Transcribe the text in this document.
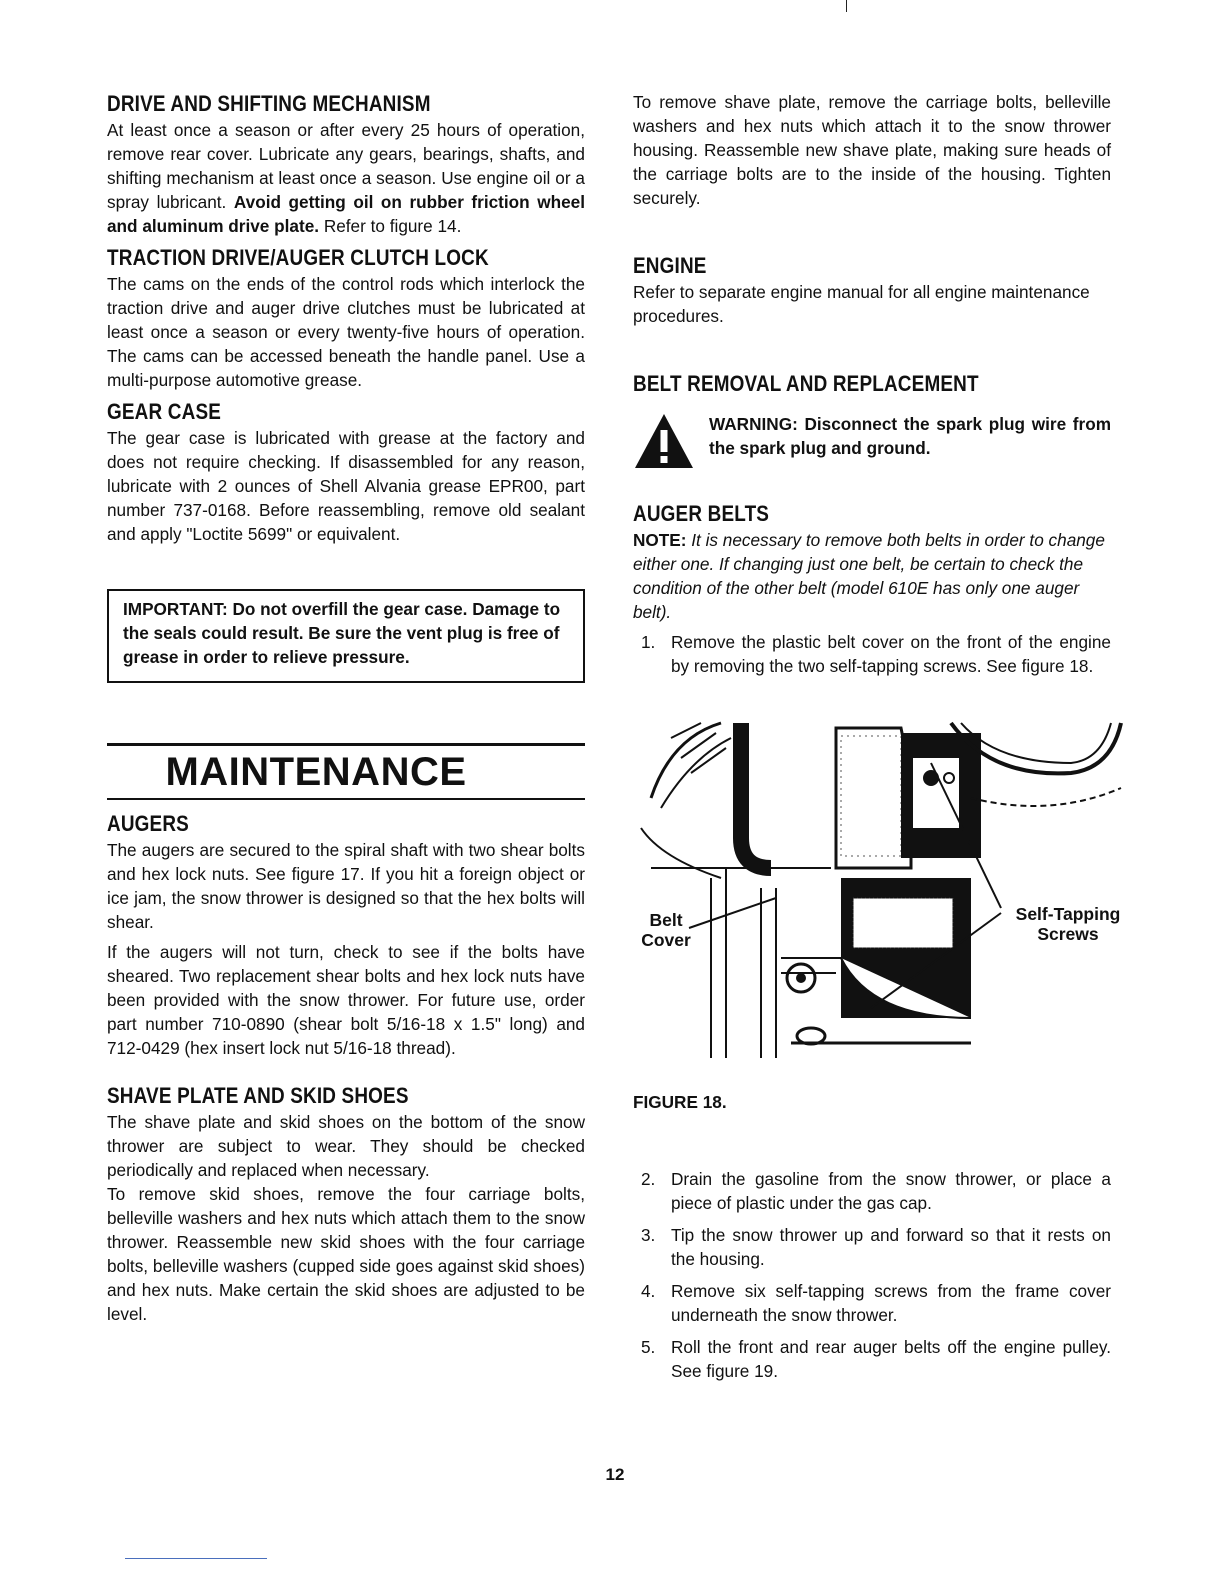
DRIVE AND SHIFTING MECHANISM

At least once a season or after every 25 hours of operation, remove rear cover. Lubricate any gears, bearings, shafts, and shifting mechanism at least once a season. Use engine oil or a spray lubricant. Avoid getting oil on rubber friction wheel and aluminum drive plate. Refer to figure 14.

TRACTION DRIVE/AUGER CLUTCH LOCK

The cams on the ends of the control rods which interlock the traction drive and auger drive clutches must be lubricated at least once a season or every twenty-five hours of operation. The cams can be accessed beneath the handle panel. Use a multi-purpose automotive grease.

GEAR CASE

The gear case is lubricated with grease at the factory and does not require checking. If disassembled for any reason, lubricate with 2 ounces of Shell Alvania grease EPR00, part number 737-0168. Before reassembling, remove old sealant and apply "Loctite 5699" or equivalent.

IMPORTANT: Do not overfill the gear case. Damage to the seals could result. Be sure the vent plug is free of grease in order to relieve pressure.
MAINTENANCE
AUGERS

The augers are secured to the spiral shaft with two shear bolts and hex lock nuts. See figure 17. If you hit a foreign object or ice jam, the snow thrower is designed so that the hex bolts will shear.

If the augers will not turn, check to see if the bolts have sheared. Two replacement shear bolts and hex lock nuts have been provided with the snow thrower. For future use, order part number 710-0890 (shear bolt 5/16-18 x 1.5" long) and 712-0429 (hex insert lock nut 5/16-18 thread).

SHAVE PLATE AND SKID SHOES

The shave plate and skid shoes on the bottom of the snow thrower are subject to wear. They should be checked periodically and replaced when necessary.

To remove skid shoes, remove the four carriage bolts, belleville washers and hex nuts which attach them to the snow thrower. Reassemble new skid shoes with the four carriage bolts, belleville washers (cupped side goes against skid shoes) and hex nuts. Make certain the skid shoes are adjusted to be level.

To remove shave plate, remove the carriage bolts, belleville washers and hex nuts which attach it to the snow thrower housing. Reassemble new shave plate, making sure heads of the carriage bolts are to the inside of the housing. Tighten securely.

ENGINE

Refer to separate engine manual for all engine maintenance procedures.

BELT REMOVAL AND REPLACEMENT
WARNING: Disconnect the spark plug wire from the spark plug and ground.
AUGER BELTS

NOTE: It is necessary to remove both belts in order to change either one. If changing just one belt, be certain to check the condition of the other belt (model 610E has only one auger belt).

1. Remove the plastic belt cover on the front of the engine by removing the two self-tapping screws. See figure 18.
Belt Cover
Self-Tapping Screws
FIGURE 18.
2. Drain the gasoline from the snow thrower, or place a piece of plastic under the gas cap.
3. Tip the snow thrower up and forward so that it rests on the housing.
4. Remove six self-tapping screws from the frame cover underneath the snow thrower.
5. Roll the front and rear auger belts off the engine pulley. See figure 19.
12
